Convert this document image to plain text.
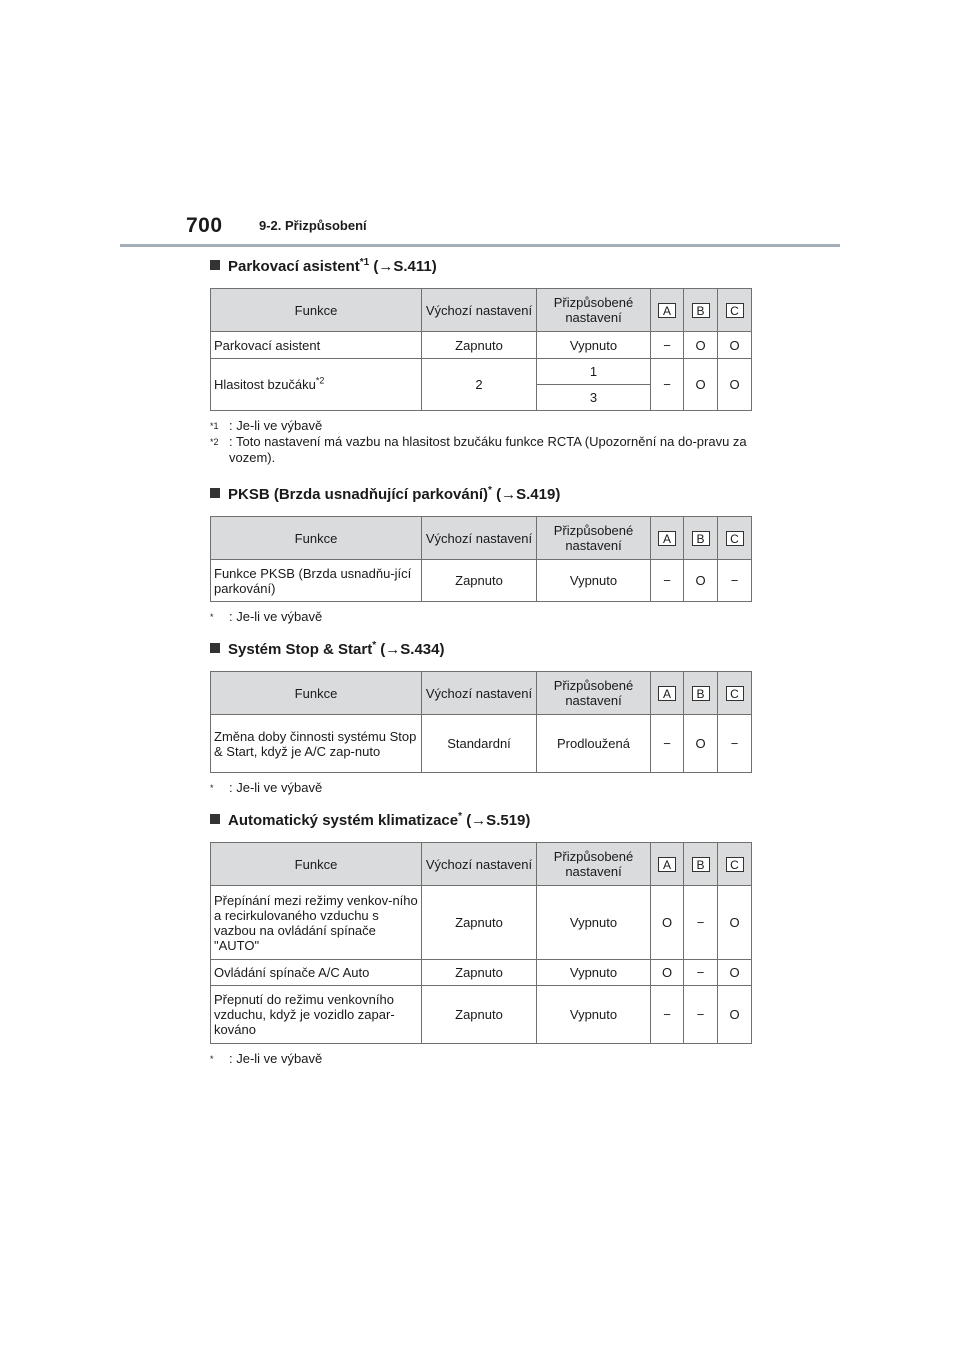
700	9-2. Přizpůsobení
Parkovací asistent$^{*1}$ (→S.411)
Funkce	Výchozí nastavení	Přizpůsobené nastavení	A	B	C
Parkovací asistent	Zapnuto	Vypnuto	−	O	O
Hlasitost bzučáku$^{*2}$	2	1	−	O	O
		3			
$^{*1}$ : Je-li ve výbavě
$^{*2}$ : Toto nastavení má vazbu na hlasitost bzučáku funkce RCTA (Upozornění na do-pravu za vozem).
PKSB (Brzda usnadňující parkování)* (→S.419)
Funkce	Výchozí nastavení	Přizpůsobené nastavení	A	B	C
Funkce PKSB (Brzda usnadňu-jící parkování)	Zapnuto	Vypnuto	−	O	−
* : Je-li ve výbavě
Systém Stop & Start* (→S.434)
Funkce	Výchozí nastavení	Přizpůsobené nastavení	A	B	C
Změna doby činnosti systému Stop & Start, když je A/C zap-nuto	Standardní	Prodloužená	−	O	−
* : Je-li ve výbavě
Automatický systém klimatizace* (→S.519)
Funkce	Výchozí nastavení	Přizpůsobené nastavení	A	B	C
Přepínání mezi režimy venkov-ního a recirkulovaného vzduchu s vazbou na ovládání spínače "AUTO"	Zapnuto	Vypnuto	O	−	O
Ovládání spínače A/C Auto	Zapnuto	Vypnuto	O	−	O
Přepnutí do režimu venkovního vzduchu, když je vozidlo zapar-kováno	Zapnuto	Vypnuto	−	−	O
* : Je-li ve výbavě
